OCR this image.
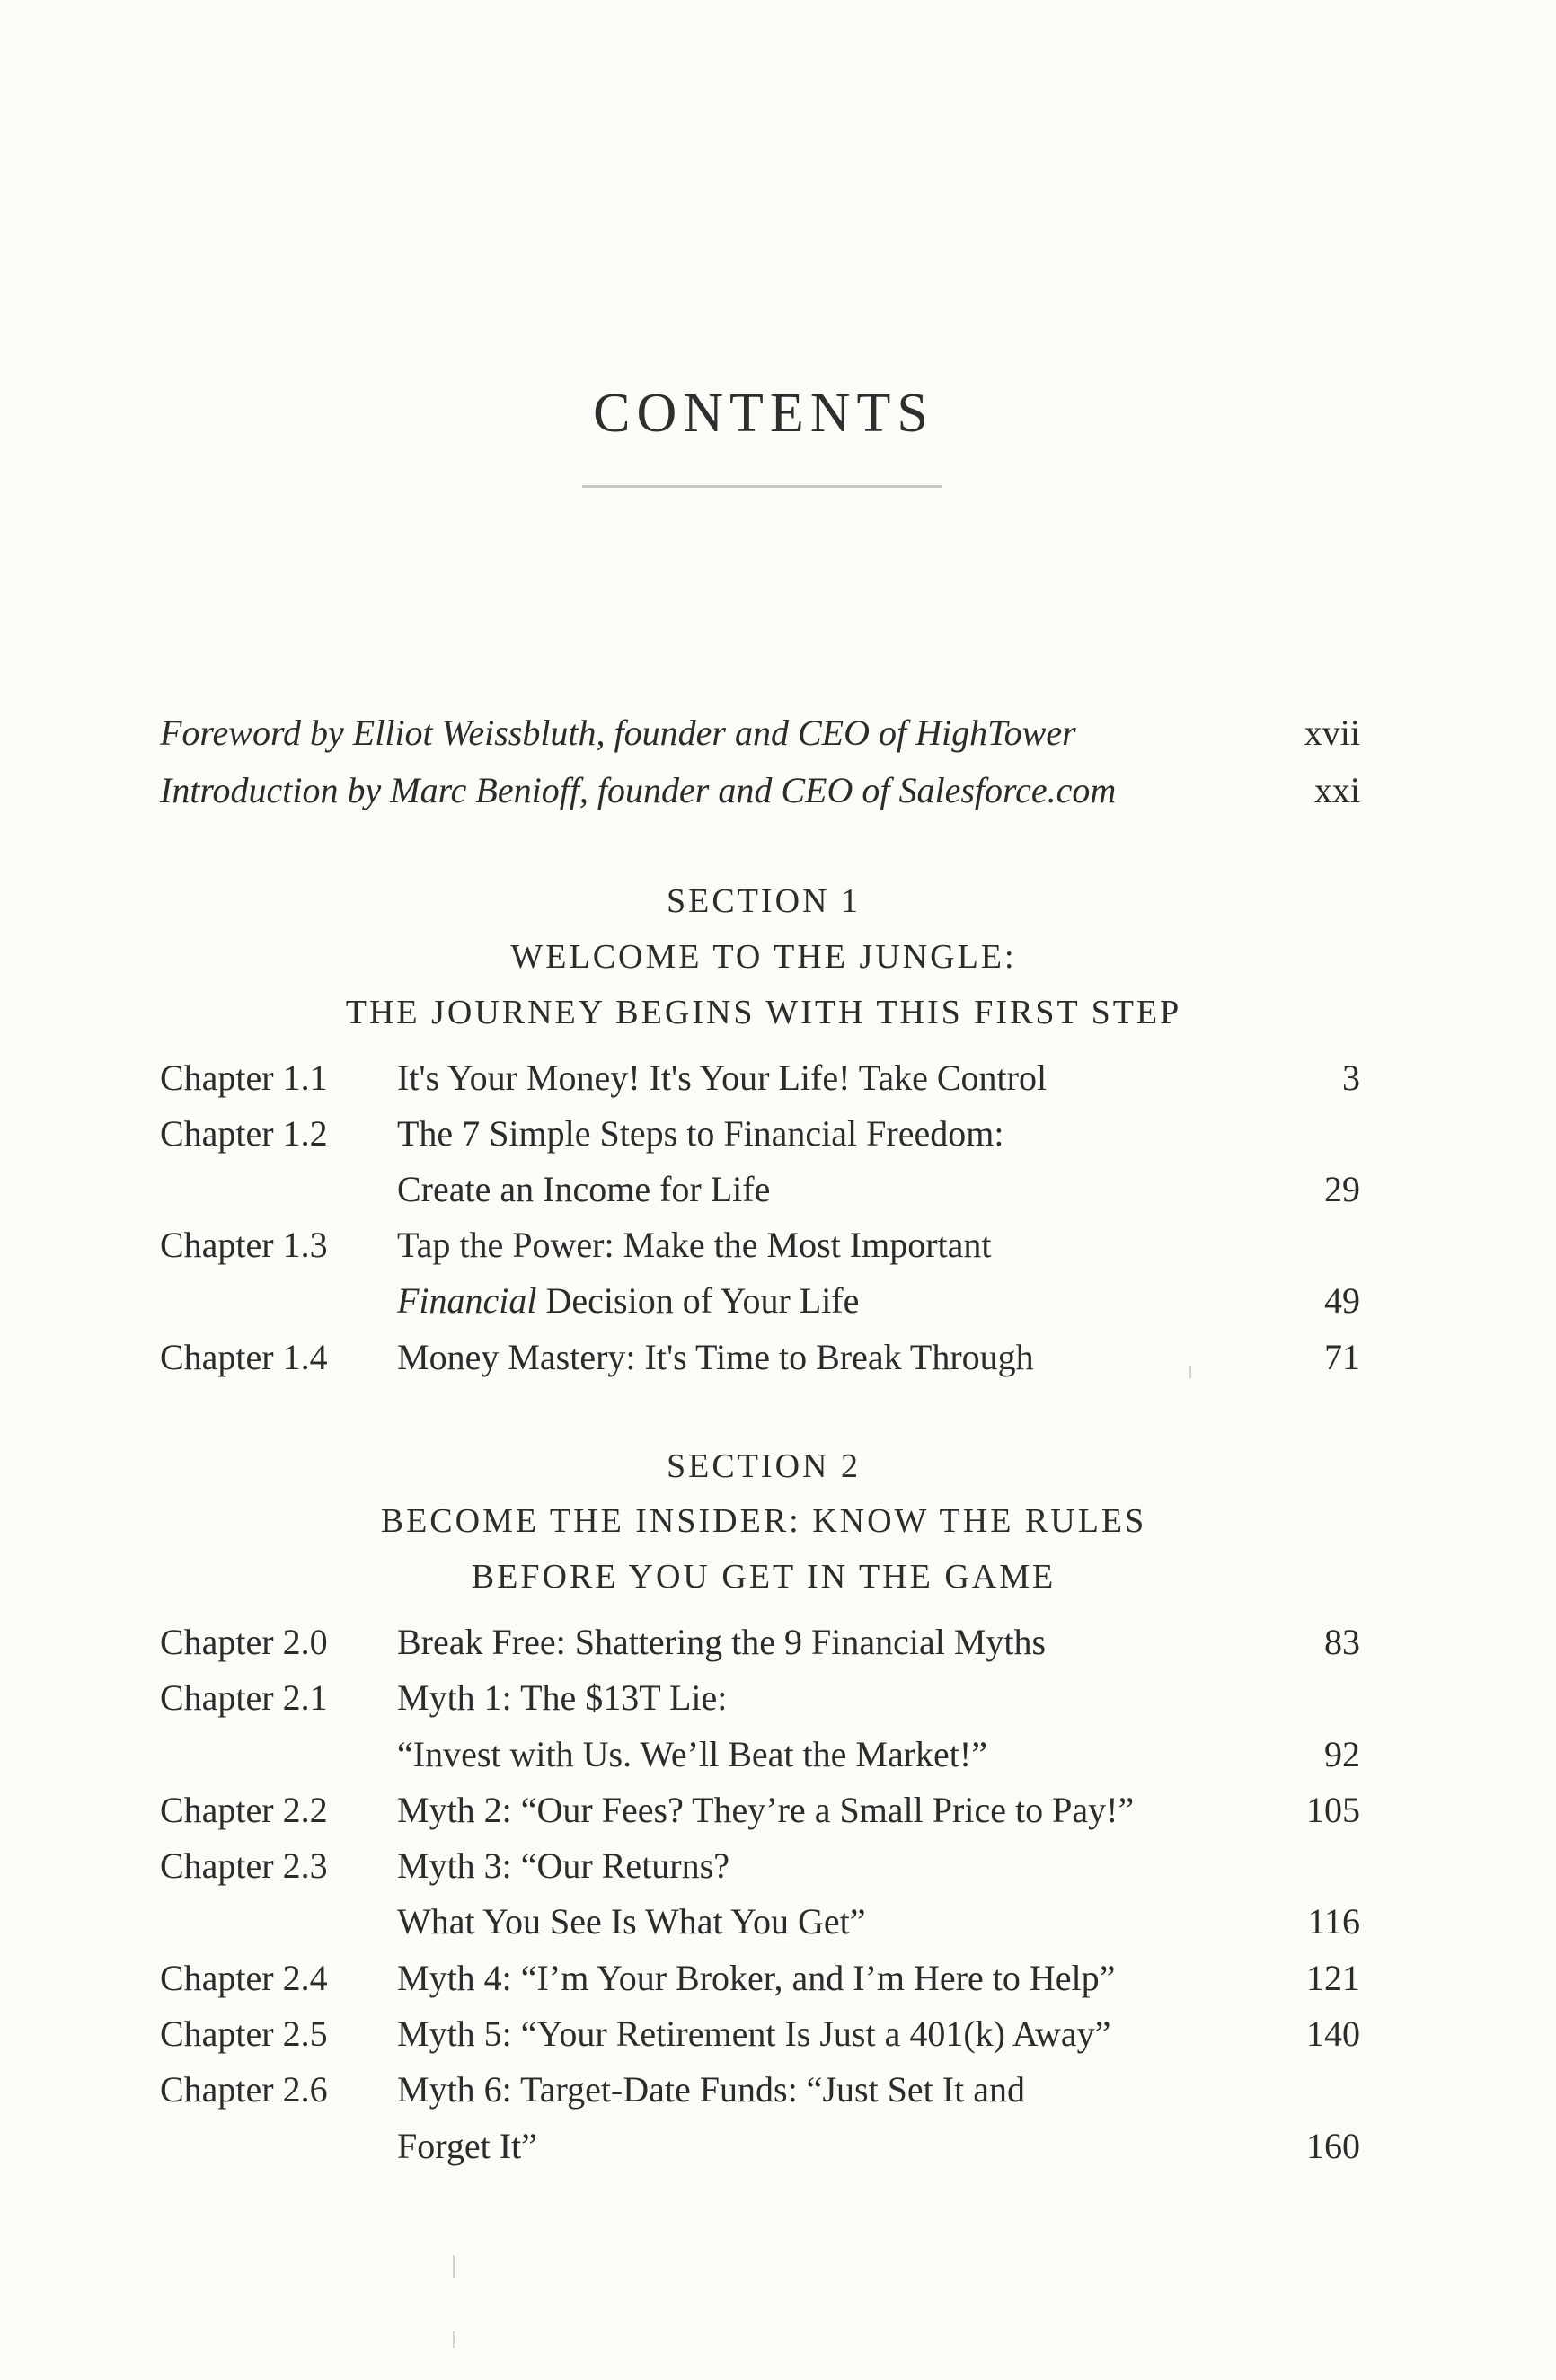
CONTENTS
Foreword by Elliot Weissbluth, founder and CEO of HighTower	xvii
Introduction by Marc Benioff, founder and CEO of Salesforce.com	xxi
SECTION 1
WELCOME TO THE JUNGLE:
THE JOURNEY BEGINS WITH THIS FIRST STEP
Chapter 1.1 It's Your Money! It's Your Life! Take Control	3
Chapter 1.2 The 7 Simple Steps to Financial Freedom:
Create an Income for Life	29
Chapter 1.3 Tap the Power: Make the Most Important
Financial Decision of Your Life	49
Chapter 1.4 Money Mastery: It's Time to Break Through	71
SECTION 2
BECOME THE INSIDER: KNOW THE RULES
BEFORE YOU GET IN THE GAME
Chapter 2.0 Break Free: Shattering the 9 Financial Myths	83
Chapter 2.1 Myth 1: The $13T Lie:
“Invest with Us. We’ll Beat the Market!”	92
Chapter 2.2 Myth 2: “Our Fees? They’re a Small Price to Pay!”	105
Chapter 2.3 Myth 3: “Our Returns?
What You See Is What You Get”	116
Chapter 2.4 Myth 4: “I’m Your Broker, and I’m Here to Help”	121
Chapter 2.5 Myth 5: “Your Retirement Is Just a 401(k) Away”	140
Chapter 2.6 Myth 6: Target-Date Funds: “Just Set It and
Forget It”	160
